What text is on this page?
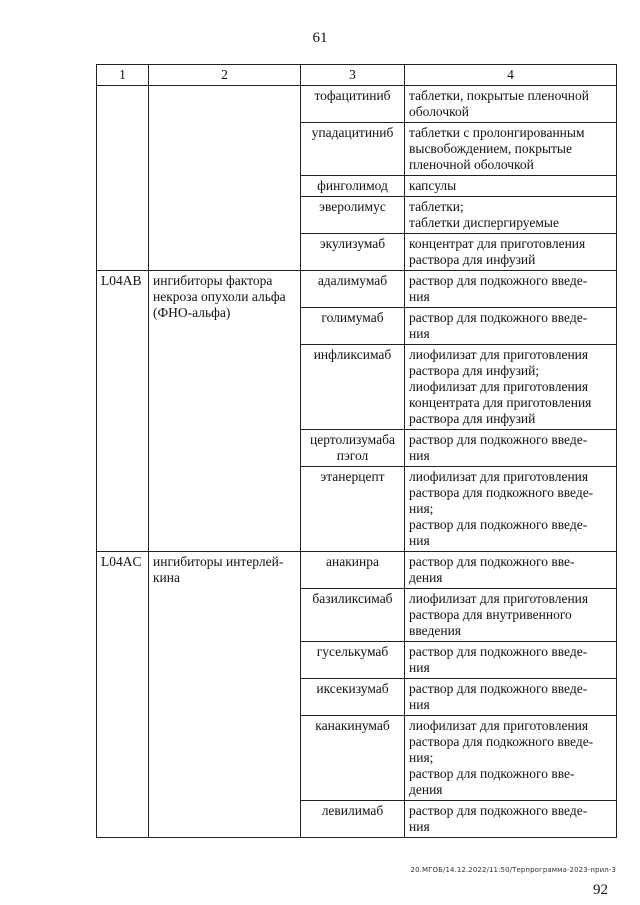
61
1	2	3	4
		тофацитиниб	таблетки, покрытые пленочной
оболочкой

		упадацитиниб	таблетки с пролонгированным
высвобождением, покрытые
пленочной оболочкой

		финголимод	капсулы

		эверолимус	таблетки;
таблетки диспергируемые

		экулизумаб	концентрат для приготовления
раствора для инфузий

L04AB	ингибиторы фактора некроза опухоли альфа (ФНО-альфа)	адалимумаб	раствор для подкожного введе-
ния

		голимумаб	раствор для подкожного введе-
ния

		инфликсимаб	лиофилизат для приготовления
раствора для инфузий;
лиофилизат для приготовления
концентрата для приготовления
раствора для инфузий

		цертолизумаба пэгол	раствор для подкожного введе-
ния

		этанерцепт	лиофилизат для приготовления
раствора для подкожного введе-
ния;
раствор для подкожного введе-
ния

L04AC	ингибиторы интерлей-кина	анакинра	раствор для подкожного вве-
дения

		базиликсимаб	лиофилизат для приготовления
раствора для внутривенного
введения

		гуселькумаб	раствор для подкожного введе-
ния

		иксекизумаб	раствор для подкожного введе-
ния

		канакинумаб	лиофилизат для приготовления
раствора для подкожного введе-
ния;
раствор для подкожного вве-
дения

		левилимаб	раствор для подкожного введе-
ния
20.МГОБ/14.12.2022/11:50/Терпрограмма-2023-прил-3
92
